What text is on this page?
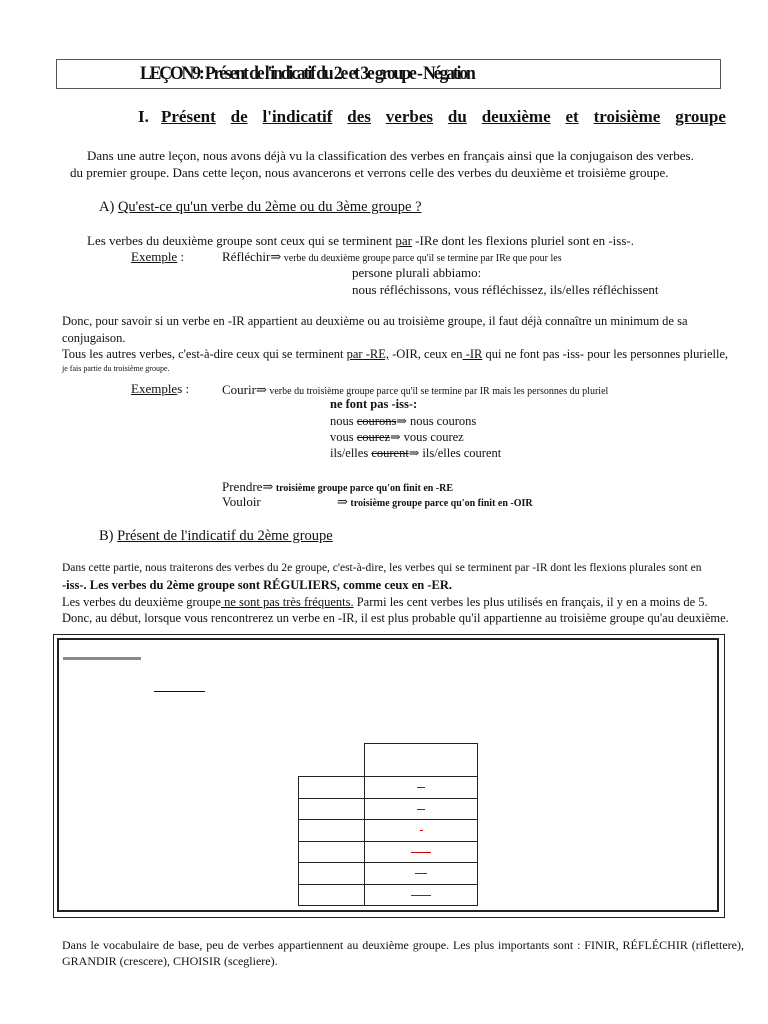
LEÇON9: Présent de l'indicatif du 2e et 3e groupe - Négation
I. Présent de l'indicatif des verbes du deuxième et troisième groupe
Dans une autre leçon, nous avons déjà vu la classification des verbes en français ainsi que la conjugaison des verbes.
du premier groupe. Dans cette leçon, nous avancerons et verrons celle des verbes du deuxième et troisième groupe.
A) Qu'est-ce qu'un verbe du 2ème ou du 3ème groupe ?
Les verbes du deuxième groupe sont ceux qui se terminent par -IRe dont les flexions pluriel sont en -iss-.
Exemple :	Réfléchir⇒ verbe du deuxième groupe parce qu'il se termine par IRe que pour les
persone plurali abbiamo:
nous réfléchissons, vous réfléchissez, ils/elles réfléchissent
Donc, pour savoir si un verbe en -IR appartient au deuxième ou au troisième groupe, il faut déjà connaître un minimum de sa
conjugaison.
Tous les autres verbes, c'est-à-dire ceux qui se terminent par -RE, -OIR, ceux en -IR qui ne font pas -iss- pour les personnes plurielle,
je fais partie du troisième groupe.
Exemples :	Courir⇒ verbe du troisième groupe parce qu'il se termine par IR mais les personnes du pluriel
ne font pas -iss-:
nous courons⇒ nous courons
vous courez⇒ vous courez
ils/elles courent⇒ ils/elles courent
Prendre⇒ troisième groupe parce qu'on finit en -RE
Vouloir	⇒ troisième groupe parce qu'on finit en -OIR
B) Présent de l'indicatif du 2ème groupe
Dans cette partie, nous traiterons des verbes du 2e groupe, c'est-à-dire, les verbes qui se terminent par -IR dont les flexions plurales sont en
-iss-. Les verbes du 2ème groupe sont RÉGULIERS, comme ceux en -ER.
Les verbes du deuxième groupe ne sont pas très fréquents. Parmi les cent verbes les plus utilisés en français, il y en a moins de 5.
Donc, au début, lorsque vous rencontrerez un verbe en -IR, il est plus probable qu'il appartienne au troisième groupe qu'au deuxième.

Dans le vocabulaire de base, peu de verbes appartiennent au deuxième groupe. Les plus importants sont : FINIR, RÉFLÉCHIR (riflettere), GRANDIR (crescere), CHOISIR (scegliere).
